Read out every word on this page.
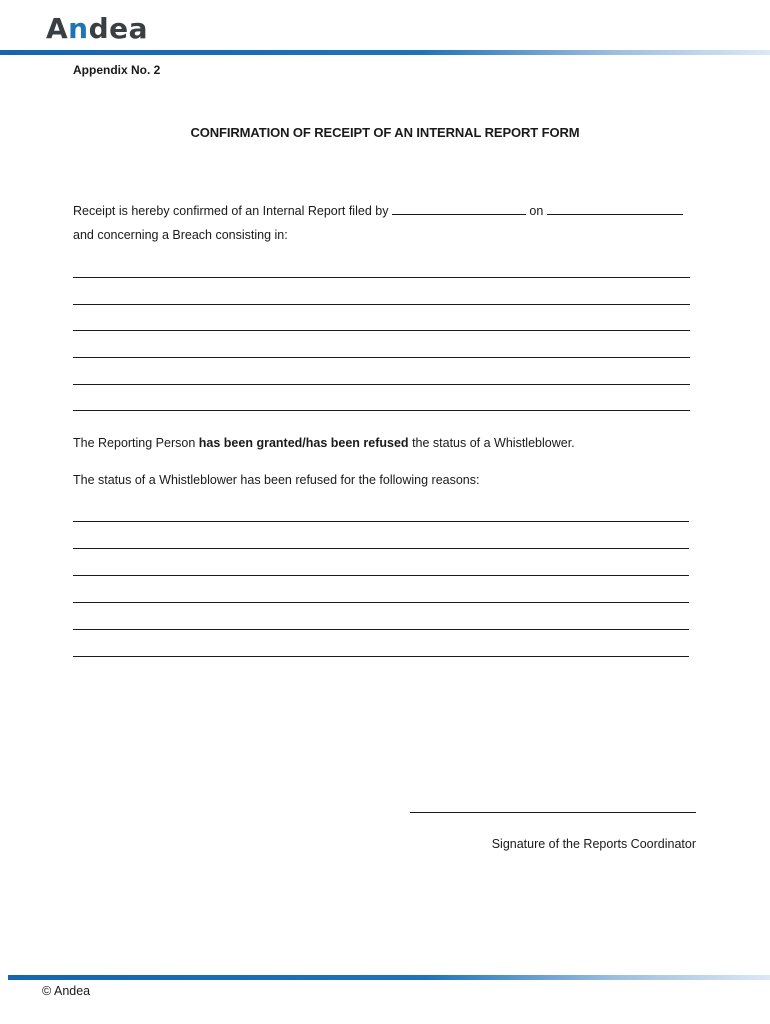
Andea
Appendix No. 2
CONFIRMATION OF RECEIPT OF AN INTERNAL REPORT FORM
Receipt is hereby confirmed of an Internal Report filed by	on
and concerning a Breach consisting in:
The Reporting Person has been granted/has been refused the status of a Whistleblower.
The status of a Whistleblower has been refused for the following reasons:
Signature of the Reports Coordinator
© Andea
